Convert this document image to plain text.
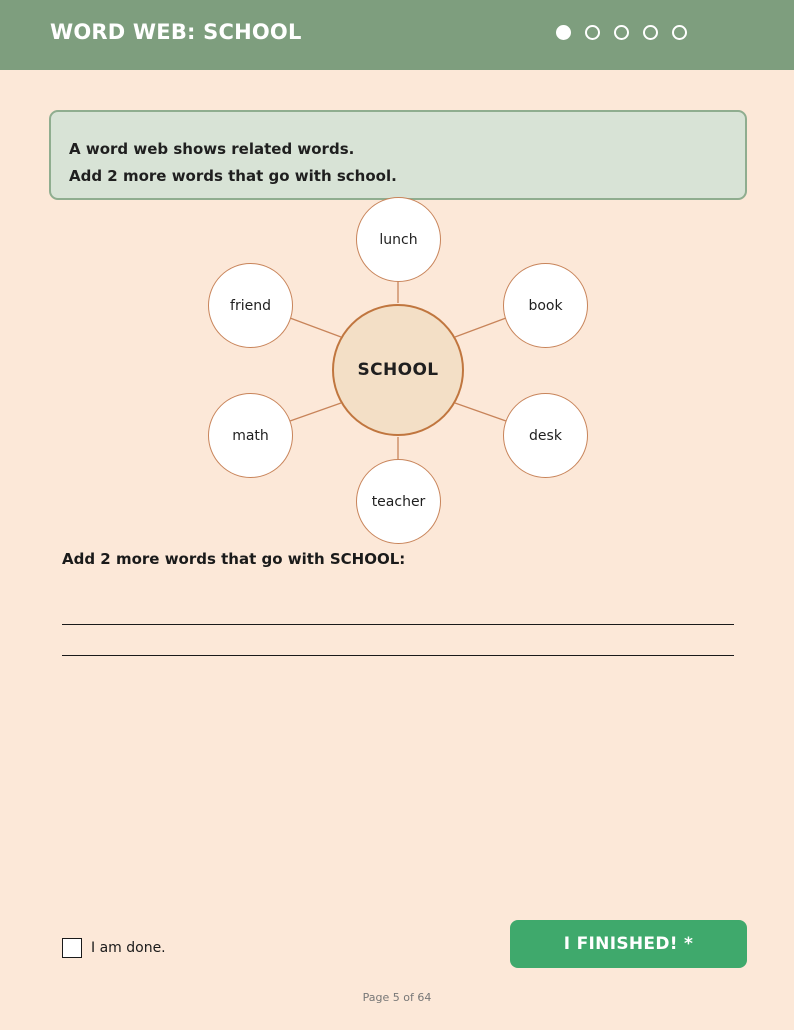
WORD WEB: SCHOOL

A word web shows related words.

Add 2 more words that go with school.

SCHOOL
lunch
book
desk
teacher
math
friend
Add 2 more words that go with SCHOOL:
I am done.	I FINISHED! *
Page 5 of 64
